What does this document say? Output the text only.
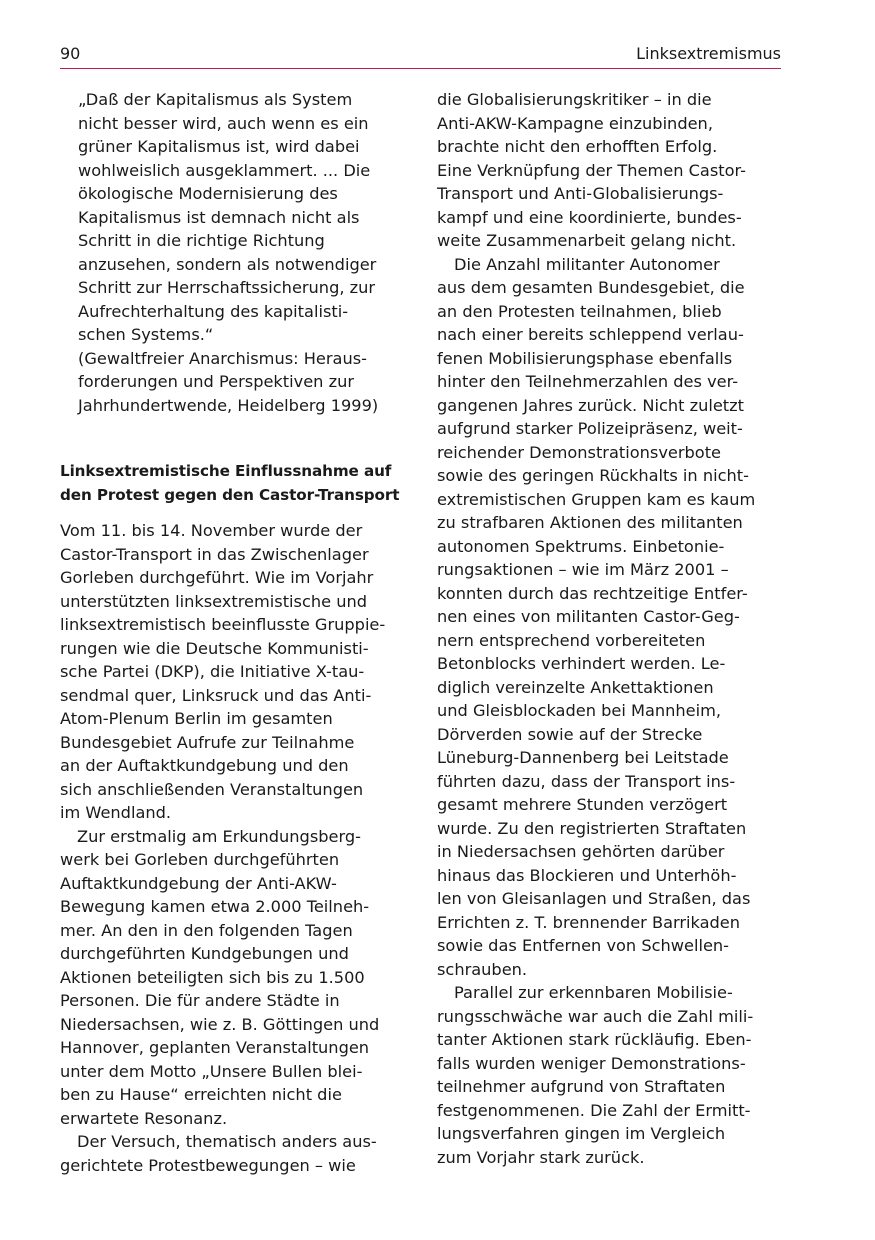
90	Linksextremismus
„Daß der Kapitalismus als System
nicht besser wird, auch wenn es ein
grüner Kapitalismus ist, wird dabei
wohlweislich ausgeklammert. ... Die
ökologische Modernisierung des
Kapitalismus ist demnach nicht als
Schritt in die richtige Richtung
anzusehen, sondern als notwendiger
Schritt zur Herrschaftssicherung, zur
Aufrechterhaltung des kapitalisti-
schen Systems.“
(Gewaltfreier Anarchismus: Heraus-
forderungen und Perspektiven zur
Jahrhundertwende, Heidelberg 1999)
Linksextremistische Einflussnahme auf
den Protest gegen den Castor-Transport

Vom 11. bis 14. November wurde der
Castor-Transport in das Zwischenlager
Gorleben durchgeführt. Wie im Vorjahr
unterstützten linksextremistische und
linksextremistisch beeinflusste Gruppie-
rungen wie die Deutsche Kommunisti-
sche Partei (DKP), die Initiative X-tau-
sendmal quer, Linksruck und das Anti-
Atom-Plenum Berlin im gesamten
Bundesgebiet Aufrufe zur Teilnahme
an der Auftaktkundgebung und den
sich anschließenden Veranstaltungen
im Wendland.

Zur erstmalig am Erkundungsberg-
werk bei Gorleben durchgeführten
Auftaktkundgebung der Anti-AKW-
Bewegung kamen etwa 2.000 Teilneh-
mer. An den in den folgenden Tagen
durchgeführten Kundgebungen und
Aktionen beteiligten sich bis zu 1.500
Personen. Die für andere Städte in
Niedersachsen, wie z. B. Göttingen und
Hannover, geplanten Veranstaltungen
unter dem Motto „Unsere Bullen blei-
ben zu Hause“ erreichten nicht die
erwartete Resonanz.

Der Versuch, thematisch anders aus-
gerichtete Protestbewegungen – wie

die Globalisierungskritiker – in die
Anti-AKW-Kampagne einzubinden,
brachte nicht den erhofften Erfolg.
Eine Verknüpfung der Themen Castor-
Transport und Anti-Globalisierungs-
kampf und eine koordinierte, bundes-
weite Zusammenarbeit gelang nicht.

Die Anzahl militanter Autonomer
aus dem gesamten Bundesgebiet, die
an den Protesten teilnahmen, blieb
nach einer bereits schleppend verlau-
fenen Mobilisierungsphase ebenfalls
hinter den Teilnehmerzahlen des ver-
gangenen Jahres zurück. Nicht zuletzt
aufgrund starker Polizeipräsenz, weit-
reichender Demonstrationsverbote
sowie des geringen Rückhalts in nicht-
extremistischen Gruppen kam es kaum
zu strafbaren Aktionen des militanten
autonomen Spektrums. Einbetonie-
rungsaktionen – wie im März 2001 –
konnten durch das rechtzeitige Entfer-
nen eines von militanten Castor-Geg-
nern entsprechend vorbereiteten
Betonblocks verhindert werden. Le-
diglich vereinzelte Ankettaktionen
und Gleisblockaden bei Mannheim,
Dörverden sowie auf der Strecke
Lüneburg-Dannenberg bei Leitstade
führten dazu, dass der Transport ins-
gesamt mehrere Stunden verzögert
wurde. Zu den registrierten Straftaten
in Niedersachsen gehörten darüber
hinaus das Blockieren und Unterhöh-
len von Gleisanlagen und Straßen, das
Errichten z. T. brennender Barrikaden
sowie das Entfernen von Schwellen-
schrauben.

Parallel zur erkennbaren Mobilisie-
rungsschwäche war auch die Zahl mili-
tanter Aktionen stark rückläufig. Eben-
falls wurden weniger Demonstrations-
teilnehmer aufgrund von Straftaten
festgenommenen. Die Zahl der Ermitt-
lungsverfahren gingen im Vergleich
zum Vorjahr stark zurück.
